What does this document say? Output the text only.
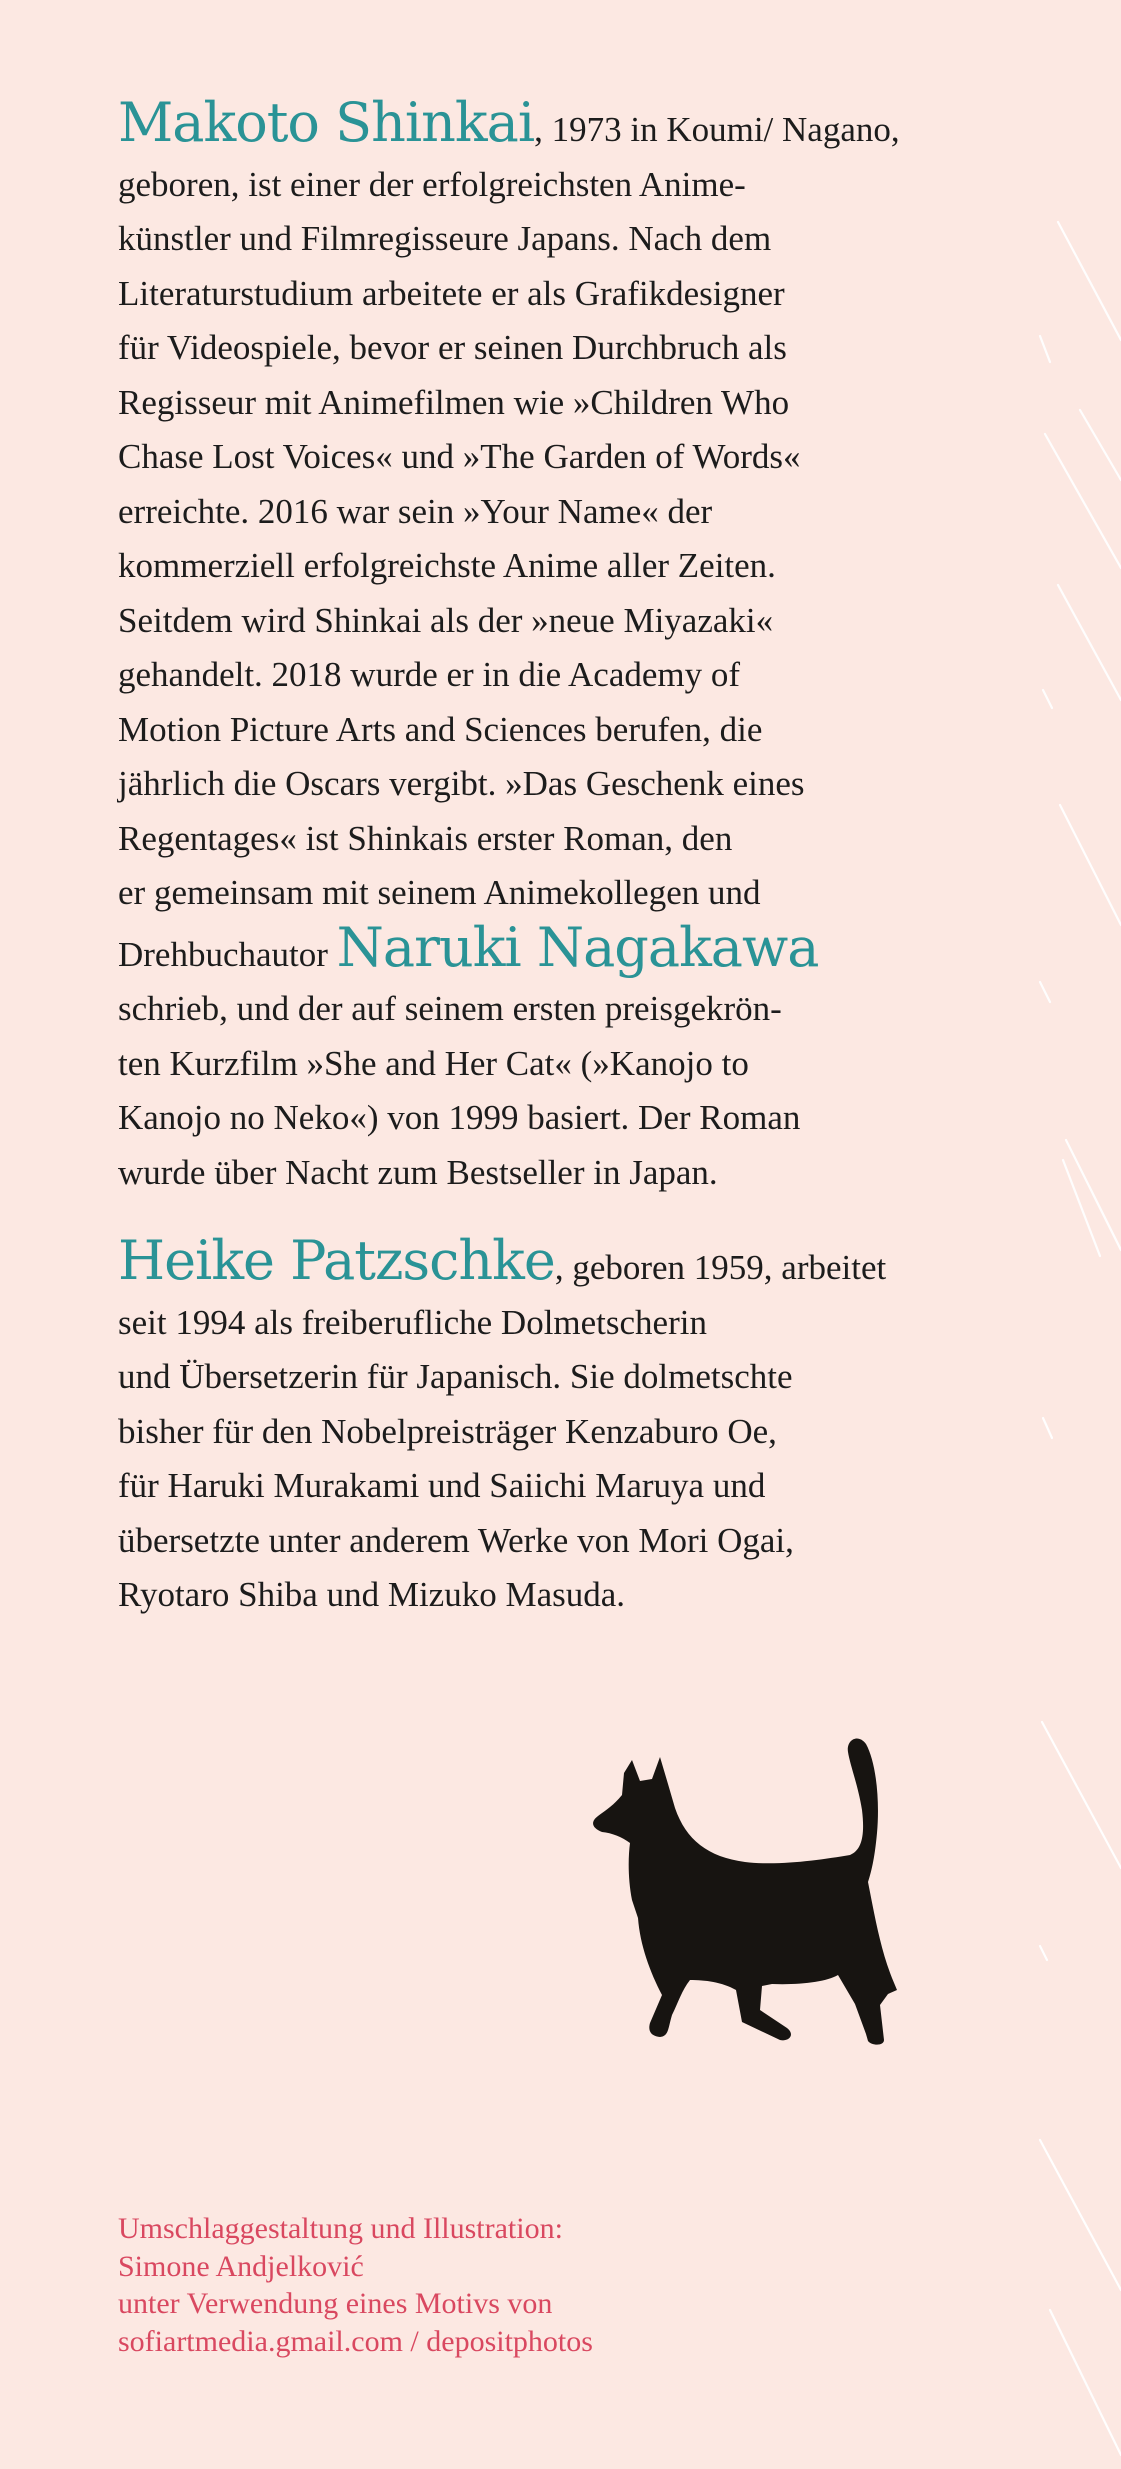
Makoto Shinkai, 1973 in Koumi/ Nagano,
geboren, ist einer der erfolgreichsten Anime-
künstler und Filmregisseure Japans. Nach dem
Literaturstudium arbeitete er als Grafikdesigner
für Videospiele, bevor er seinen Durchbruch als
Regisseur mit Animefilmen wie »Children Who
Chase Lost Voices« und »The Garden of Words«
erreichte. 2016 war sein »Your Name« der
kommerziell erfolgreichste Anime aller Zeiten.
Seitdem wird Shinkai als der »neue Miyazaki«
gehandelt. 2018 wurde er in die Academy of
Motion Picture Arts and Sciences berufen, die
jährlich die Oscars vergibt. »Das Geschenk eines
Regentages« ist Shinkais erster Roman, den
er gemeinsam mit seinem Animekollegen und
Drehbuchautor Naruki Nagakawa
schrieb, und der auf seinem ersten preisgekrön-
ten Kurzfilm »She and Her Cat« (»Kanojo to
Kanojo no Neko«) von 1999 basiert. Der Roman
wurde über Nacht zum Bestseller in Japan.
Heike Patzschke, geboren 1959, arbeitet
seit 1994 als freiberufliche Dolmetscherin
und Übersetzerin für Japanisch. Sie dolmetschte
bisher für den Nobelpreisträger Kenzaburo Oe,
für Haruki Murakami und Saiichi Maruya und
übersetzte unter anderem Werke von Mori Ogai,
Ryotaro Shiba und Mizuko Masuda.
Umschlaggestaltung und Illustration:
Simone Andjelković
unter Verwendung eines Motivs von
sofiartmedia.gmail.com / depositphotos
